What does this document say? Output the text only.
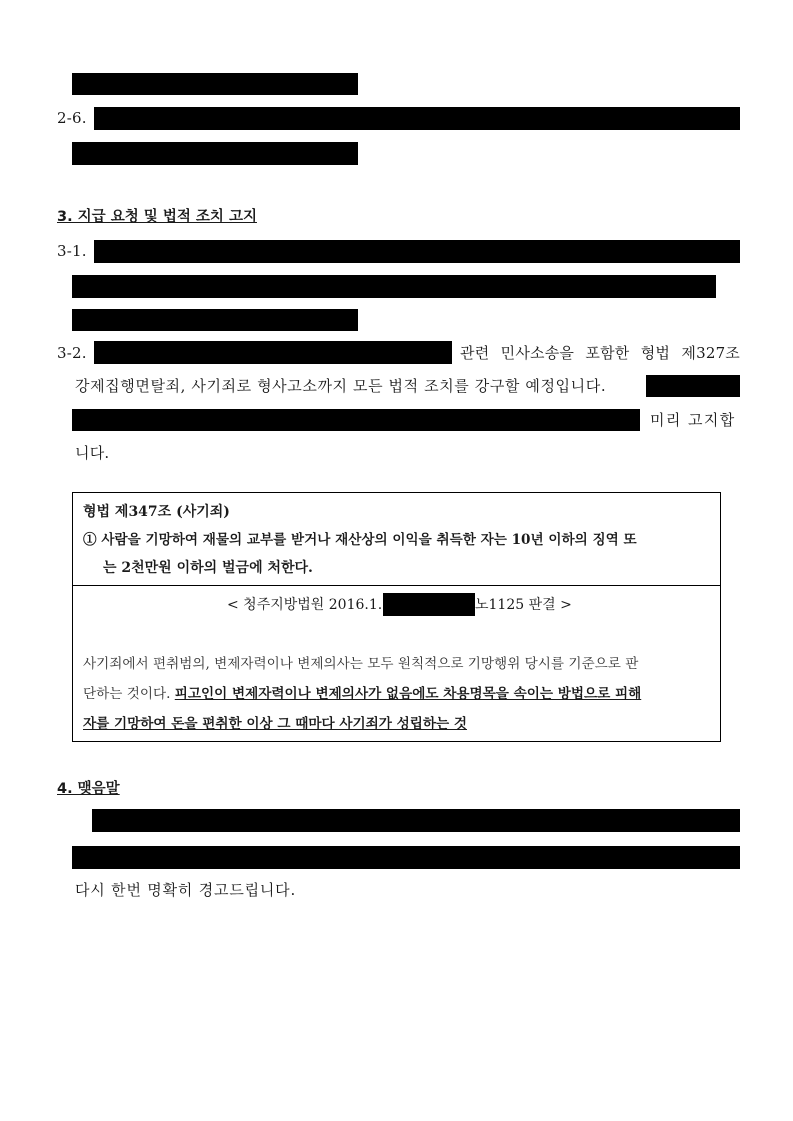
2-6.
3. 지급 요청 및 법적 조치 고지
3-1.
3-2.	관련 민사소송을 포함한 형법 제327조
강제집행면탈죄, 사기죄로 형사고소까지 모든 법적 조치를 강구할 예정입니다.
미리 고지합
니다.
형법 제347조 (사기죄)
① 사람을 기망하여 재물의 교부를 받거나 재산상의 이익을 취득한 자는 10년 이하의 징역 또
는 2천만원 이하의 벌금에 처한다.
< 청주지방법원 2016.1.	노1125 판결 >
사기죄에서 편취범의, 변제자력이나 변제의사는 모두 원칙적으로 기망행위 당시를 기준으로 판
단하는 것이다. 피고인이 변제자력이나 변제의사가 없음에도 차용명목을 속이는 방법으로 피해
자를 기망하여 돈을 편취한 이상 그 때마다 사기죄가 성립하는 것
4. 맺음말
다시 한번 명확히 경고드립니다.
